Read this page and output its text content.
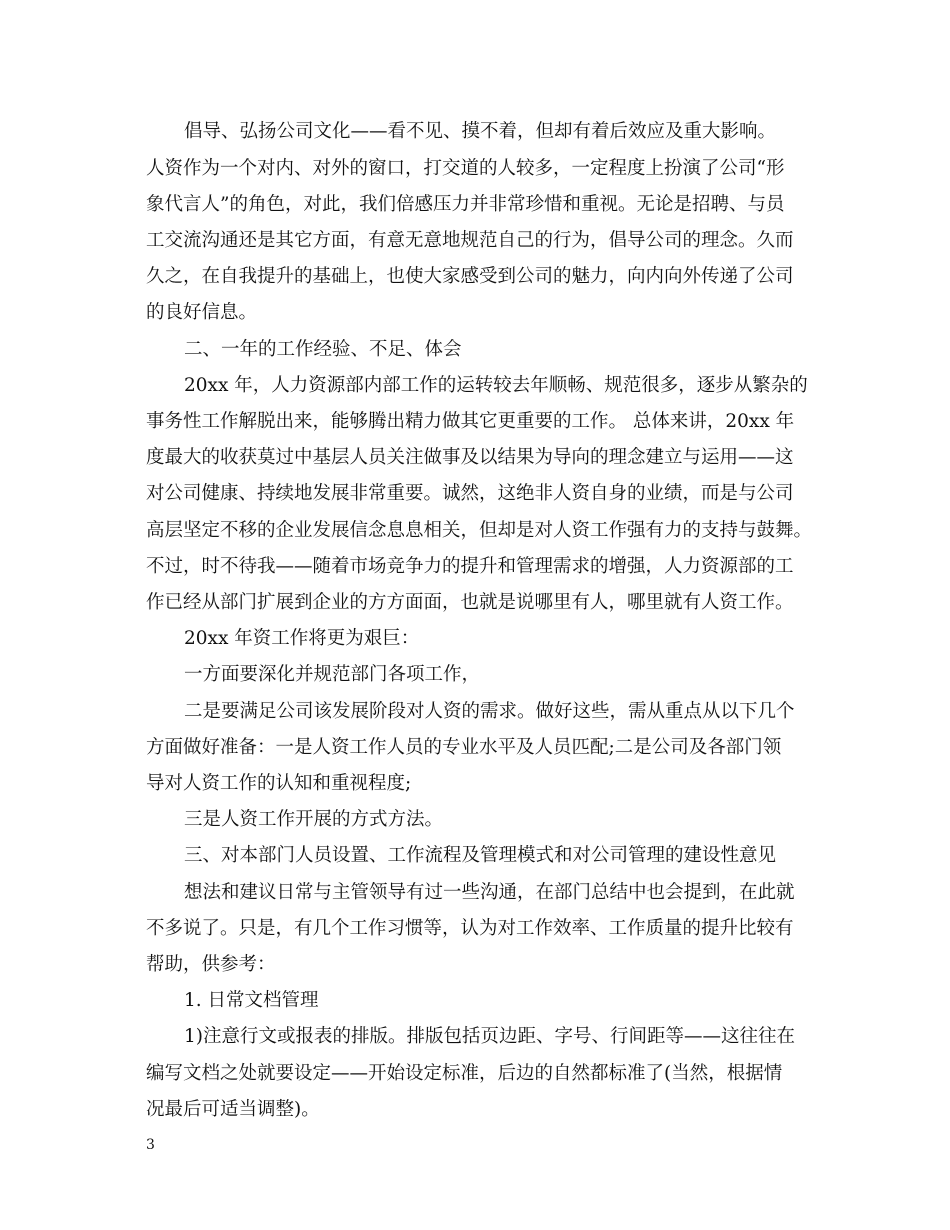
倡导、弘扬公司文化——看不见、摸不着，但却有着后效应及重大影响。
人资作为一个对内、对外的窗口，打交道的人较多，一定程度上扮演了公司“形
象代言人”的角色，对此，我们倍感压力并非常珍惜和重视。无论是招聘、与员
工交流沟通还是其它方面，有意无意地规范自己的行为，倡导公司的理念。久而
久之，在自我提升的基础上，也使大家感受到公司的魅力，向内向外传递了公司
的良好信息。
二、一年的工作经验、不足、体会
20xx 年，人力资源部内部工作的运转较去年顺畅、规范很多，逐步从繁杂的
事务性工作解脱出来，能够腾出精力做其它更重要的工作。 总体来讲，20xx 年
度最大的收获莫过中基层人员关注做事及以结果为导向的理念建立与运用——这
对公司健康、持续地发展非常重要。诚然，这绝非人资自身的业绩，而是与公司
高层坚定不移的企业发展信念息息相关，但却是对人资工作强有力的支持与鼓舞。
不过，时不待我——随着市场竞争力的提升和管理需求的增强，人力资源部的工
作已经从部门扩展到企业的方方面面，也就是说哪里有人，哪里就有人资工作。
20xx 年资工作将更为艰巨：
一方面要深化并规范部门各项工作，
二是要满足公司该发展阶段对人资的需求。做好这些，需从重点从以下几个
方面做好准备：一是人资工作人员的专业水平及人员匹配;二是公司及各部门领
导对人资工作的认知和重视程度;
三是人资工作开展的方式方法。
三、对本部门人员设置、工作流程及管理模式和对公司管理的建设性意见
想法和建议日常与主管领导有过一些沟通，在部门总结中也会提到，在此就
不多说了。只是，有几个工作习惯等，认为对工作效率、工作质量的提升比较有
帮助，供参考：
1. 日常文档管理
1)注意行文或报表的排版。排版包括页边距、字号、行间距等——这往往在
编写文档之处就要设定——开始设定标准，后边的自然都标准了(当然，根据情
况最后可适当调整)。
3
